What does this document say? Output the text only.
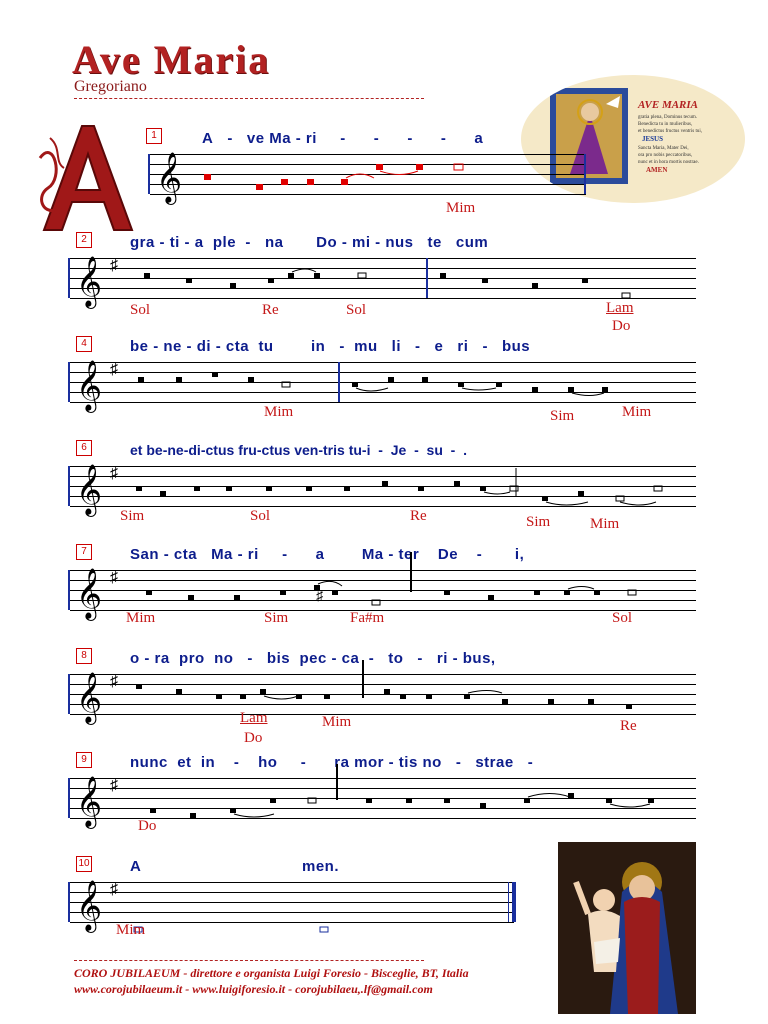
Ave Maria
Gregoriano
AVE MARIA
gratia plena, Dominus tecum.
Benedicta tu in mulieribus,
et benedictus fructus ventris tui,
JESUS
Sancta Maria, Mater Dei,
ora pro nobis peccatoribus,
nunc et in hora mortis nostrae.
AMEN
1	A - ve Ma - ri - - - - a
𝄞
Mim
2	gra - ti - a ple - na Do - mi - nus te cum
𝄞 ♯
Sol	Re	Sol	Lam
Do
4	be - ne - di - cta tu in - mu li - e ri - bus
𝄞 ♯
Mim	Sim	Mim
6	et be-ne-di-ctus fru-ctus ven-tris tu-i - Je - su - .
𝄞 ♯
Sim	Sol	Re	Sim	Mim
7	San - cta Ma - ri - a Ma - ter De - i,
𝄞 ♯
♯
Mim	Sim	Fa#m	Sol
8	o - ra pro no - bis pec - ca - to - ri - bus,
𝄞 ♯
Lam
Do
Mim	Re
9	nunc et in - ho - ra mor - tis no - strae -
𝄞 ♯
Do
10	A	men.
𝄞 ♯
Mim
CORO JUBILAEUM - direttore e organista Luigi Foresio - Bisceglie, BT, Italia
www.corojubilaeum.it - www.luigiforesio.it - corojubilaeu,.lf@gmail.com
